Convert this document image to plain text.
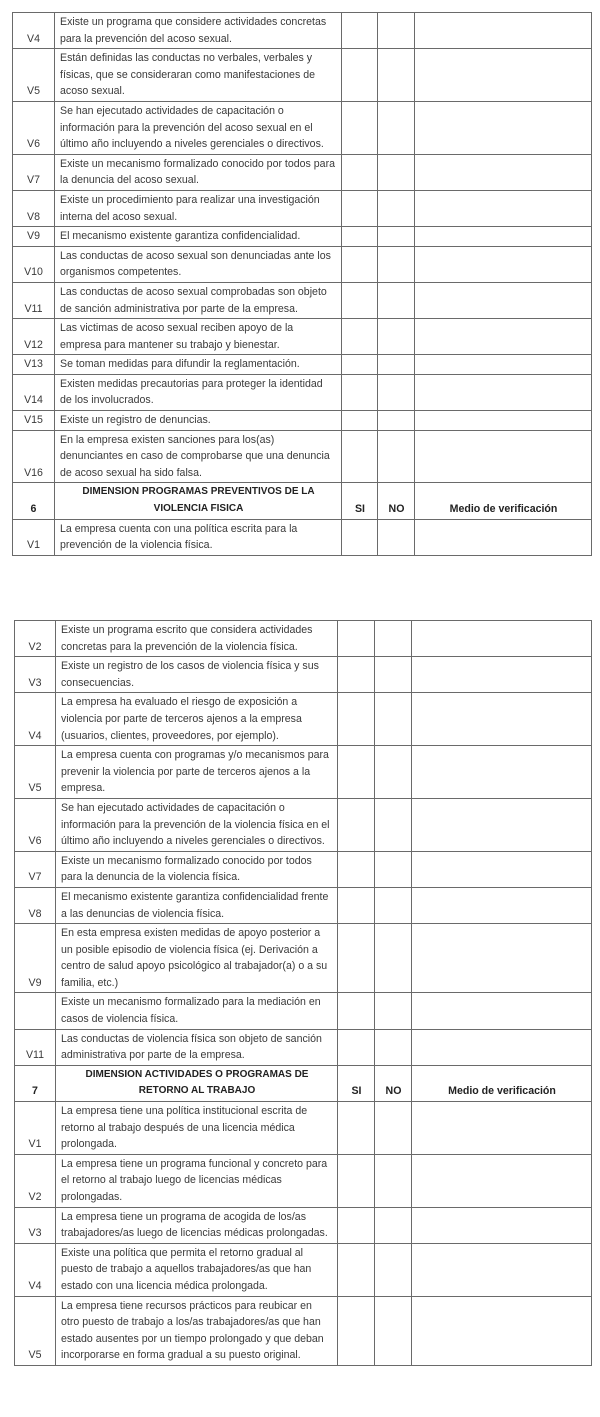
V4	Existe un programa que considere actividades concretas para la prevención del acoso sexual.			
V5	Están definidas las conductas no verbales, verbales y físicas, que se consideraran como manifestaciones de acoso sexual.			
V6	Se han ejecutado actividades de capacitación o información para la prevención del acoso sexual en el último año incluyendo a niveles gerenciales o directivos.			
V7	Existe un mecanismo formalizado conocido por todos para la denuncia del acoso sexual.			
V8	Existe un procedimiento para realizar una investigación interna del acoso sexual.			
V9	El mecanismo existente garantiza confidencialidad.			
V10	Las conductas de acoso sexual son denunciadas ante los organismos competentes.			
V11	Las conductas de acoso sexual comprobadas son objeto de sanción administrativa por parte de la empresa.			
V12	Las victimas de acoso sexual reciben apoyo de la empresa para mantener su trabajo y bienestar.			
V13	Se toman medidas para difundir la reglamentación.			
V14	Existen medidas precautorias para proteger la identidad de los involucrados.			
V15	Existe un registro de denuncias.			
V16	En la empresa existen sanciones para los(as) denunciantes en caso de comprobarse que una denuncia de acoso sexual ha sido falsa.			
6	DIMENSION PROGRAMAS PREVENTIVOS DE LA VIOLENCIA FISICA	SI	NO	Medio de verificación
V1	La empresa cuenta con una política escrita para la prevención de la violencia física.			
V2	Existe un programa escrito que considera actividades concretas para la prevención de la violencia física.			
V3	Existe un registro de los casos de violencia física y sus consecuencias.			
V4	La empresa ha evaluado el riesgo de exposición a violencia por parte de terceros ajenos a la empresa (usuarios, clientes, proveedores, por ejemplo).			
V5	La empresa cuenta con programas y/o mecanismos para prevenir la violencia por parte de terceros ajenos a la empresa.			
V6	Se han ejecutado actividades de capacitación o información para la prevención de la violencia física en el último año incluyendo a niveles gerenciales o directivos.			
V7	Existe un mecanismo formalizado conocido por todos para la denuncia de la violencia física.			
V8	El mecanismo existente garantiza confidencialidad frente a las denuncias de violencia física.			
V9	En esta empresa existen medidas de apoyo posterior a un posible episodio de violencia física (ej. Derivación a centro de salud apoyo psicológico al trabajador(a) o a su familia, etc.)			
	Existe un mecanismo formalizado para la mediación en casos de violencia física.			
V11	Las conductas de violencia física son objeto de sanción administrativa por parte de la empresa.			
7	DIMENSION ACTIVIDADES O PROGRAMAS DE RETORNO AL TRABAJO	SI	NO	Medio de verificación
V1	La empresa tiene una política institucional escrita de retorno al trabajo después de una licencia médica prolongada.			
V2	La empresa tiene un programa funcional y concreto para el retorno al trabajo luego de licencias médicas prolongadas.			
V3	La empresa tiene un programa de acogida de los/as trabajadores/as luego de licencias médicas prolongadas.			
V4	Existe una política que permita el retorno gradual al puesto de trabajo a aquellos trabajadores/as que han estado con una licencia médica prolongada.			
V5	La empresa tiene recursos prácticos para reubicar en otro puesto de trabajo a los/as trabajadores/as que han estado ausentes por un tiempo prolongado y que deban incorporarse en forma gradual a su puesto original.			
